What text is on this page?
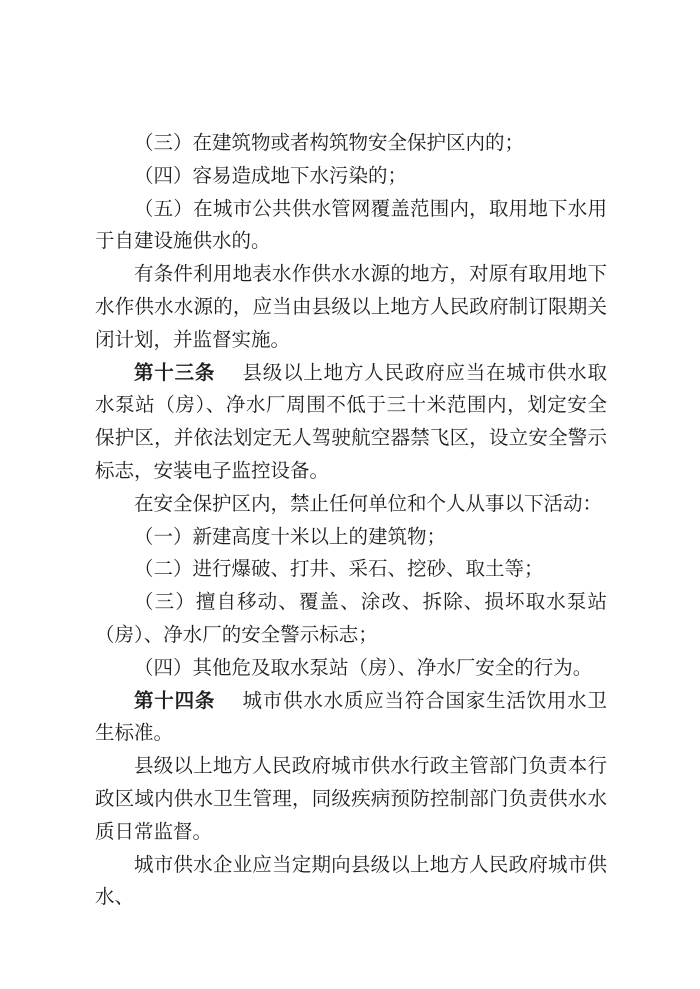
（三）在建筑物或者构筑物安全保护区内的；

（四）容易造成地下水污染的；

（五）在城市公共供水管网覆盖范围内，取用地下水用于自建设施供水的。

有条件利用地表水作供水水源的地方，对原有取用地下水作供水水源的，应当由县级以上地方人民政府制订限期关闭计划，并监督实施。

第十三条 县级以上地方人民政府应当在城市供水取水泵站（房）、净水厂周围不低于三十米范围内，划定安全保护区，并依法划定无人驾驶航空器禁飞区，设立安全警示标志，安装电子监控设备。

在安全保护区内，禁止任何单位和个人从事以下活动：

（一）新建高度十米以上的建筑物；

（二）进行爆破、打井、采石、挖砂、取土等；

（三）擅自移动、覆盖、涂改、拆除、损坏取水泵站（房）、净水厂的安全警示标志；

（四）其他危及取水泵站（房）、净水厂安全的行为。

第十四条 城市供水水质应当符合国家生活饮用水卫生标准。

县级以上地方人民政府城市供水行政主管部门负责本行政区域内供水卫生管理，同级疾病预防控制部门负责供水水质日常监督。

城市供水企业应当定期向县级以上地方人民政府城市供水、
